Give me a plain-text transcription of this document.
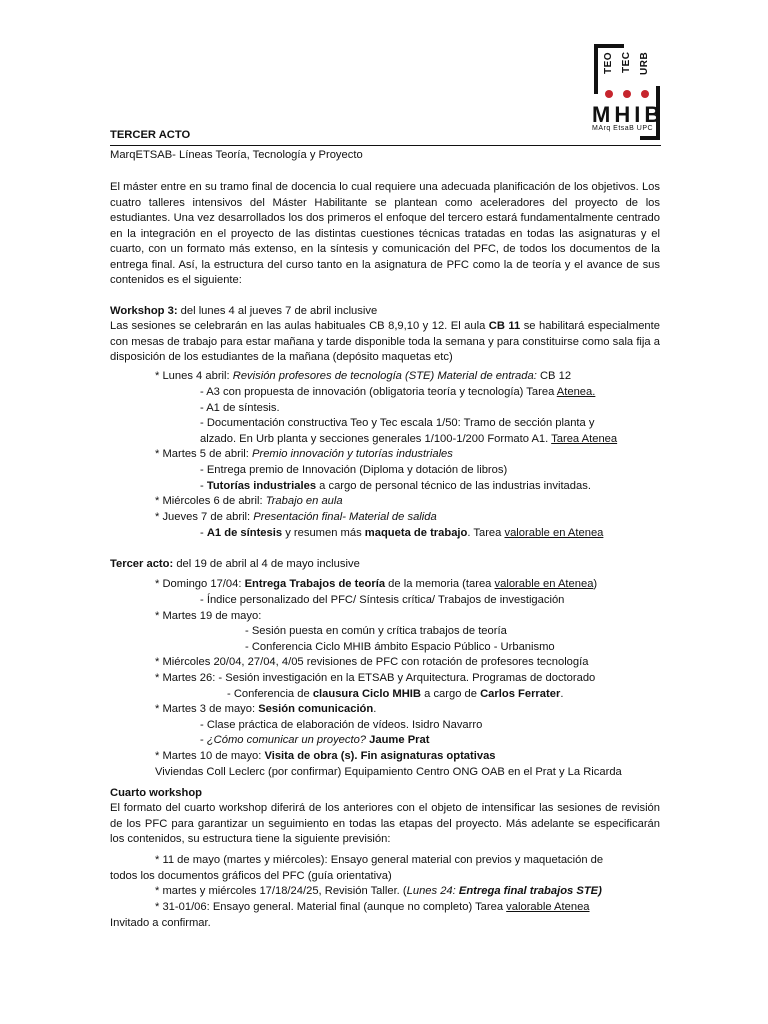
TEO TEC URB
MHIB
MArq EtsaB UPC
TERCER ACTO
MarqETSAB- Líneas Teoría, Tecnología y Proyecto

El máster entre en su tramo final de docencia lo cual requiere una adecuada planificación de los objetivos. Los cuatro talleres intensivos del Máster Habilitante se plantean como aceleradores del proyecto de los estudiantes. Una vez desarrollados los dos primeros el enfoque del tercero estará fundamentalmente centrado en la integración en el proyecto de las distintas cuestiones técnicas tratadas en todas las asignaturas y el cuarto, con un formato más extenso, en la síntesis y comunicación del PFC, de todos los documentos de la entrega final. Así, la estructura del curso tanto en la asignatura de PFC como la de teoría y el avance de sus contenidos es el siguiente:

Workshop 3: del lunes 4 al jueves 7 de abril inclusive

Las sesiones se celebrarán en las aulas habituales CB 8,9,10 y 12. El aula CB 11 se habilitará especialmente con mesas de trabajo para estar mañana y tarde disponible toda la semana y para constituirse como sala fija a disposición de los estudiantes de la mañana (depósito maquetas etc)

* Lunes 4 abril: Revisión profesores de tecnología (STE) Material de entrada: CB 12
- A3 con propuesta de innovación (obligatoria teoría y tecnología) Tarea Atenea.
- A1 de síntesis.
- Documentación constructiva Teo y Tec escala 1/50: Tramo de sección planta y
alzado. En Urb planta y secciones generales 1/100-1/200 Formato A1. Tarea Atenea
* Martes 5 de abril: Premio innovación y tutorías industriales
- Entrega premio de Innovación (Diploma y dotación de libros)
- Tutorías industriales a cargo de personal técnico de las industrias invitadas.
* Miércoles 6 de abril: Trabajo en aula
* Jueves 7 de abril: Presentación final- Material de salida
- A1 de síntesis y resumen más maqueta de trabajo. Tarea valorable en Atenea
Tercer acto: del 19 de abril al 4 de mayo inclusive
* Domingo 17/04: Entrega Trabajos de teoría de la memoria (tarea valorable en Atenea)
- Índice personalizado del PFC/ Síntesis crítica/ Trabajos de investigación
* Martes 19 de mayo:
- Sesión puesta en común y crítica trabajos de teoría
- Conferencia Ciclo MHIB ámbito Espacio Público - Urbanismo
* Miércoles 20/04, 27/04, 4/05 revisiones de PFC con rotación de profesores tecnología
* Martes 26: - Sesión investigación en la ETSAB y Arquitectura. Programas de doctorado
- Conferencia de clausura Ciclo MHIB a cargo de Carlos Ferrater.
* Martes 3 de mayo: Sesión comunicación.
- Clase práctica de elaboración de vídeos. Isidro Navarro
- ¿Cómo comunicar un proyecto? Jaume Prat
* Martes 10 de mayo: Visita de obra (s). Fin asignaturas optativas
Viviendas Coll Leclerc (por confirmar) Equipamiento Centro ONG OAB en el Prat y La Ricarda
Cuarto workshop

El formato del cuarto workshop diferirá de los anteriores con el objeto de intensificar las sesiones de revisión de los PFC para garantizar un seguimiento en todas las etapas del proyecto. Más adelante se especificarán los contenidos, su estructura tiene la siguiente previsión:

* 11 de mayo (martes y miércoles): Ensayo general material con previos y maquetación de
todos los documentos gráficos del PFC (guía orientativa)
* martes y miércoles 17/18/24/25, Revisión Taller. (Lunes 24: Entrega final trabajos STE)
* 31-01/06: Ensayo general. Material final (aunque no completo) Tarea valorable Atenea
Invitado a confirmar.
